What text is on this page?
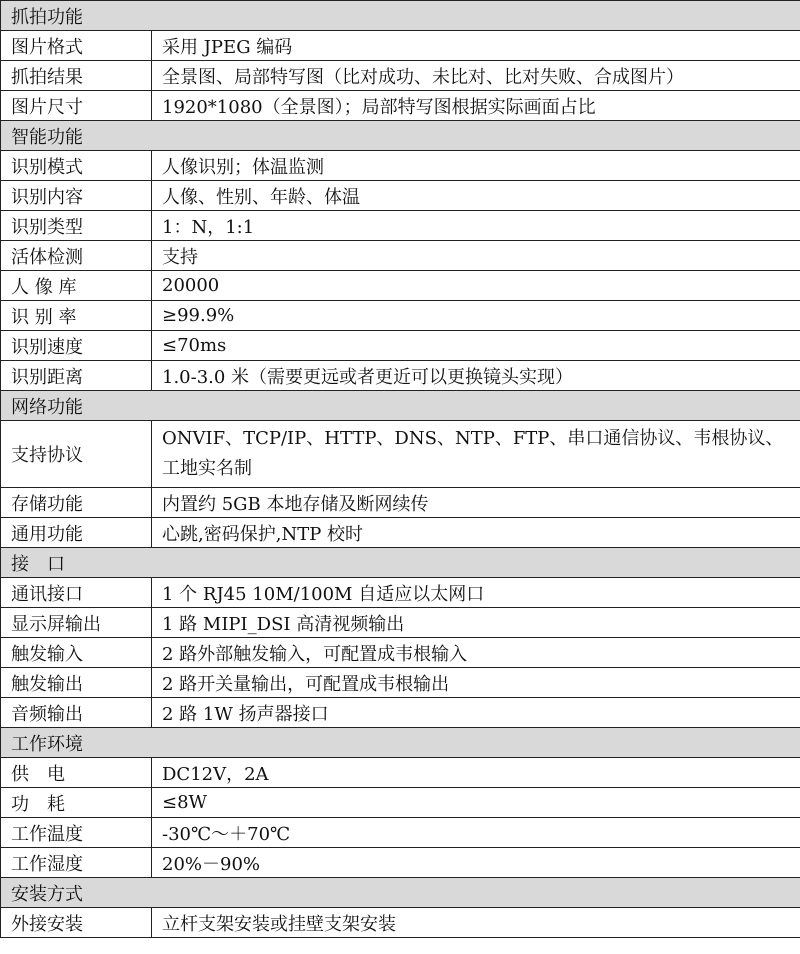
抓拍功能	
图片格式	采用 JPEG 编码
抓拍结果	全景图、局部特写图（比对成功、未比对、比对失败、合成图片）
图片尺寸	1920*1080（全景图）；局部特写图根据实际画面占比
智能功能	
识别模式	人像识别；体温监测
识别内容	人像、性别、年龄、体温
识别类型	1：N，1:1
活体检测	支持
人 像 库	20000
识 别 率	≥99.9%
识别速度	≤70ms
识别距离	1.0-3.0 米（需要更远或者更近可以更换镜头实现）
网络功能	
支持协议	ONVIF、TCP/IP、HTTP、DNS、NTP、FTP、串口通信协议、韦根协议、工地实名制
存储功能	内置约 5GB 本地存储及断网续传
通用功能	心跳,密码保护,NTP 校时
接　口	
通讯接口	1 个 RJ45 10M/100M 自适应以太网口
显示屏输出	1 路 MIPI_DSI 高清视频输出
触发输入	2 路外部触发输入，可配置成韦根输入
触发输出	2 路开关量输出，可配置成韦根输出
音频输出	2 路 1W 扬声器接口
工作环境	
供　电	DC12V，2A
功　耗	≤8W
工作温度	-30℃～＋70℃
工作湿度	20%－90%
安装方式	
外接安装	立杆支架安装或挂壁支架安装
